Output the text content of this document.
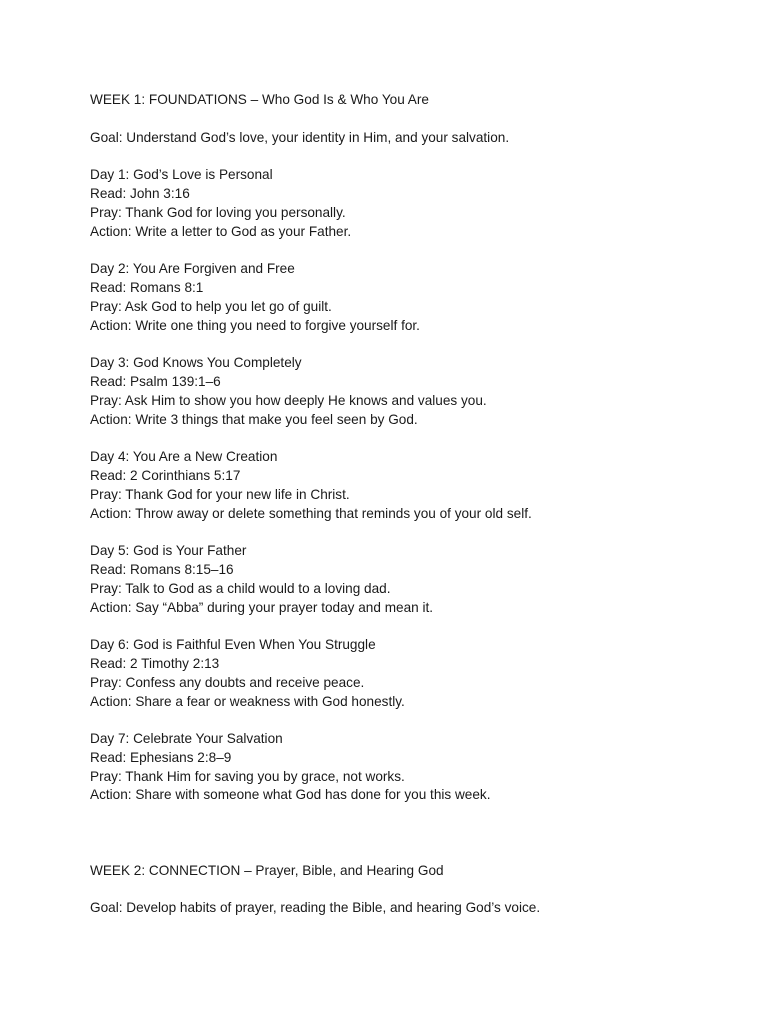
WEEK 1: FOUNDATIONS – Who God Is & Who You Are
Goal: Understand God’s love, your identity in Him, and your salvation.
Day 1: God’s Love is Personal
Read: John 3:16
Pray: Thank God for loving you personally.
Action: Write a letter to God as your Father.
Day 2: You Are Forgiven and Free
Read: Romans 8:1
Pray: Ask God to help you let go of guilt.
Action: Write one thing you need to forgive yourself for.
Day 3: God Knows You Completely
Read: Psalm 139:1–6
Pray: Ask Him to show you how deeply He knows and values you.
Action: Write 3 things that make you feel seen by God.
Day 4: You Are a New Creation
Read: 2 Corinthians 5:17
Pray: Thank God for your new life in Christ.
Action: Throw away or delete something that reminds you of your old self.
Day 5: God is Your Father
Read: Romans 8:15–16
Pray: Talk to God as a child would to a loving dad.
Action: Say “Abba” during your prayer today and mean it.
Day 6: God is Faithful Even When You Struggle
Read: 2 Timothy 2:13
Pray: Confess any doubts and receive peace.
Action: Share a fear or weakness with God honestly.
Day 7: Celebrate Your Salvation
Read: Ephesians 2:8–9
Pray: Thank Him for saving you by grace, not works.
Action: Share with someone what God has done for you this week.
WEEK 2: CONNECTION – Prayer, Bible, and Hearing God
Goal: Develop habits of prayer, reading the Bible, and hearing God’s voice.
